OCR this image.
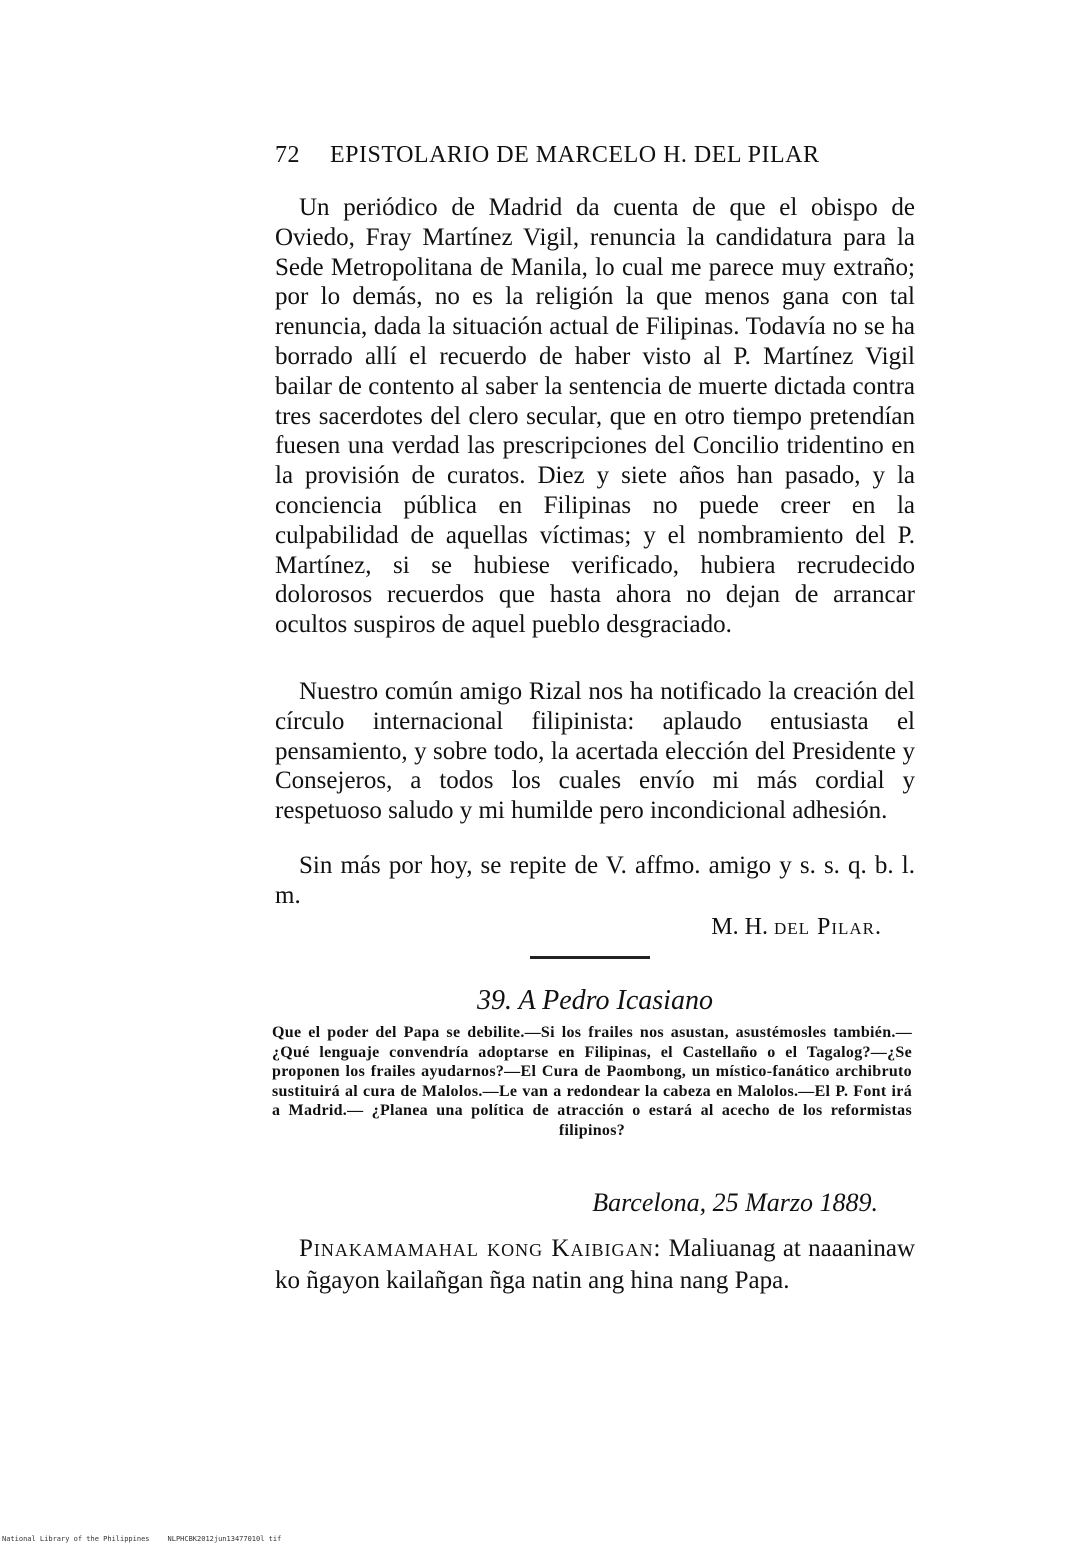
72 EPISTOLARIO DE MARCELO H. DEL PILAR

Un periódico de Madrid da cuenta de que el obispo de Oviedo, Fray Martínez Vigil, renuncia la candidatura para la Sede Metropolitana de Manila, lo cual me parece muy extraño; por lo demás, no es la religión la que menos gana con tal renuncia, dada la situación actual de Filipinas. Todavía no se ha borrado allí el recuerdo de haber visto al P. Martínez Vigil bailar de contento al saber la sentencia de muerte dictada contra tres sacerdotes del clero secular, que en otro tiempo pretendían fuesen una verdad las prescripciones del Concilio tridentino en la provisión de curatos. Diez y siete años han pasado, y la conciencia pública en Filipinas no puede creer en la culpabilidad de aquellas víctimas; y el nombramiento del P. Martínez, si se hubiese verificado, hubiera recrudecido dolorosos recuerdos que hasta ahora no dejan de arrancar ocultos suspiros de aquel pueblo desgraciado.

Nuestro común amigo Rizal nos ha notificado la creación del círculo internacional filipinista: aplaudo entusiasta el pensamiento, y sobre todo, la acertada elección del Presidente y Consejeros, a todos los cuales envío mi más cordial y respetuoso saludo y mi humilde pero incondicional adhesión.

Sin más por hoy, se repite de V. affmo. amigo y s. s. q. b. l. m.

M. H. del Pilar.
39. A Pedro Icasiano
Que el poder del Papa se debilite.—Si los frailes nos asustan, asustémosles también.—¿Qué lenguaje convendría adoptarse en Filipinas, el Castellaño o el Tagalog?—¿Se proponen los frailes ayudarnos?—El Cura de Paombong, un místico-fanático archibruto sustituirá al cura de Malolos.—Le van a redondear la cabeza en Malolos.—El P. Font irá a Madrid.— ¿Planea una política de atracción o estará al acecho de los reformistas filipinos?
Barcelona, 25 Marzo 1889.
Pinakamamahal kong Kaibigan: Maliuanag at naaaninaw ko ñgayon kailañgan ñga natin ang hina nang Papa.
National Library of the Philippines	NLPHCBK2012jun13477010l tif
